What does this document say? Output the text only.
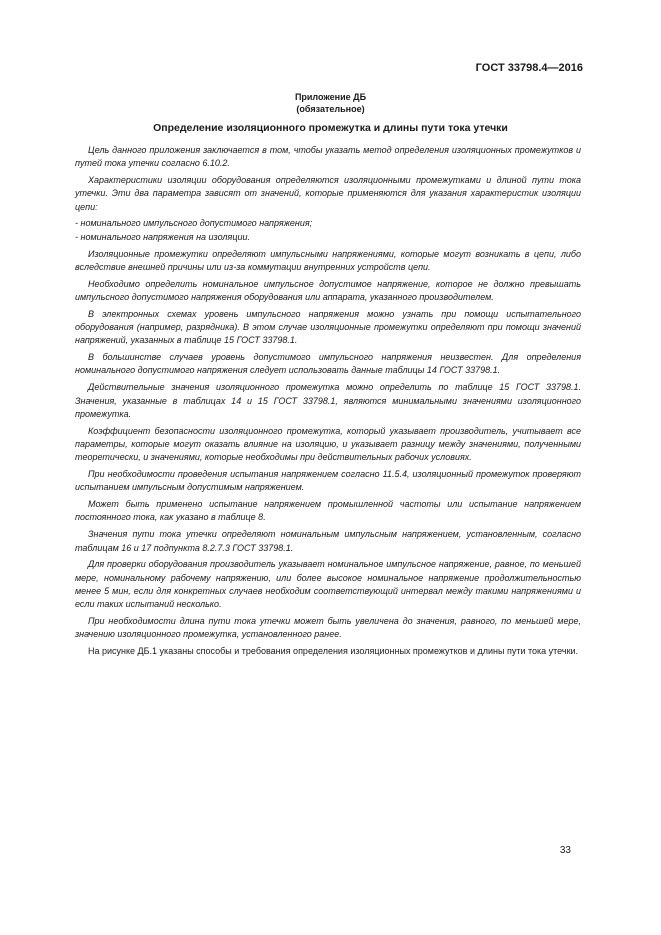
ГОСТ 33798.4—2016
Приложение ДБ
(обязательное)
Определение изоляционного промежутка и длины пути тока утечки

Цель данного приложения заключается в том, чтобы указать метод определения изоляционных промежутков и путей тока утечки согласно 6.10.2.

Характеристики изоляции оборудования определяются изоляционными промежутками и длиной пути тока утечки. Эти два параметра зависят от значений, которые применяются для указания характеристик изоляции цепи:

- номинального импульсного допустимого напряжения;

- номинального напряжения на изоляции.

Изоляционные промежутки определяют импульсными напряжениями, которые могут возникать в цепи, либо вследствие внешней причины или из-за коммутации внутренних устройств цепи.

Необходимо определить номинальное импульсное допустимое напряжение, которое не должно превышать импульсного допустимого напряжения оборудования или аппарата, указанного производителем.

В электронных схемах уровень импульсного напряжения можно узнать при помощи испытательного оборудования (например, разрядника). В этом случае изоляционные промежутки определяют при помощи значений напряжений, указанных в таблице 15 ГОСТ 33798.1.

В большинстве случаев уровень допустимого импульсного напряжения неизвестен. Для определения номинального допустимого напряжения следует использовать данные таблицы 14 ГОСТ 33798.1.

Действительные значения изоляционного промежутка можно определить по таблице 15 ГОСТ 33798.1. Значения, указанные в таблицах 14 и 15 ГОСТ 33798.1, являются минимальными значениями изоляционного промежутка.

Коэффициент безопасности изоляционного промежутка, который указывает производитель, учитывает все параметры, которые могут оказать влияние на изоляцию, и указывает разницу между значениями, полученными теоретически, и значениями, которые необходимы при действительных рабочих условиях.

При необходимости проведения испытания напряжением согласно 11.5.4, изоляционный промежуток проверяют испытанием импульсным допустимым напряжением.

Может быть применено испытание напряжением промышленной частоты или испытание напряжением постоянного тока, как указано в таблице 8.

Значения пути тока утечки определяют номинальным импульсным напряжением, установленным, согласно таблицам 16 и 17 подпункта 8.2.7.3 ГОСТ 33798.1.

Для проверки оборудования производитель указывает номинальное импульсное напряжение, равное, по меньшей мере, номинальному рабочему напряжению, или более высокое номинальное напряжение продолжительностью менее 5 мин, если для конкретных случаев необходим соответствующий интервал между такими напряжениями и если таких испытаний несколько.

При необходимости длина пути тока утечки может быть увеличена до значения, равного, по меньшей мере, значению изоляционного промежутка, установленного ранее.

На рисунке ДБ.1 указаны способы и требования определения изоляционных промежутков и длины пути тока утечки.

33
